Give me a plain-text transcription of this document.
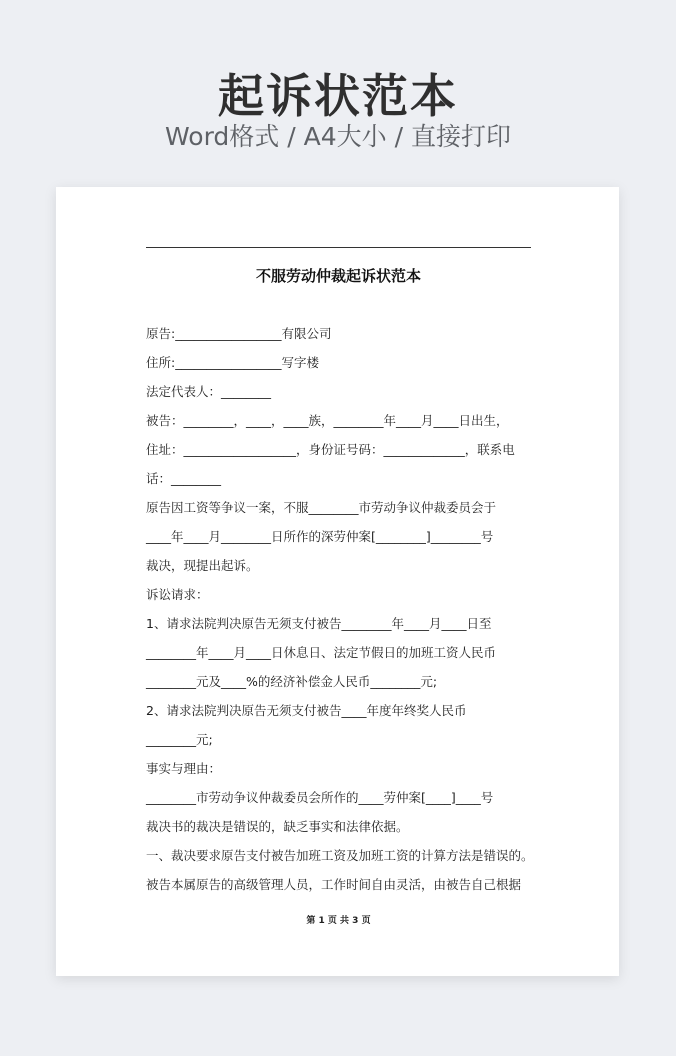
起诉状范本
Word格式 / A4大小 / 直接打印
不服劳动仲裁起诉状范本
原告:_________________有限公司
住所:_________________写字楼
法定代表人：________
被告：________，____，____族，________年____月____日出生，
住址：__________________，身份证号码：_____________，联系电
话：________
原告因工资等争议一案，不服________市劳动争议仲裁委员会于
____年____月________日所作的深劳仲案[________]________号
裁决，现提出起诉。
诉讼请求：
1、请求法院判决原告无须支付被告________年____月____日至
________年____月____日休息日、法定节假日的加班工资人民币
________元及____%的经济补偿金人民币________元;
2、请求法院判决原告无须支付被告____年度年终奖人民币
________元;
事实与理由：
________市劳动争议仲裁委员会所作的____劳仲案[____]____号
裁决书的裁决是错误的，缺乏事实和法律依据。
一、裁决要求原告支付被告加班工资及加班工资的计算方法是错误的。
被告本属原告的高级管理人员，工作时间自由灵活，由被告自己根据
第 1 页 共 3 页
